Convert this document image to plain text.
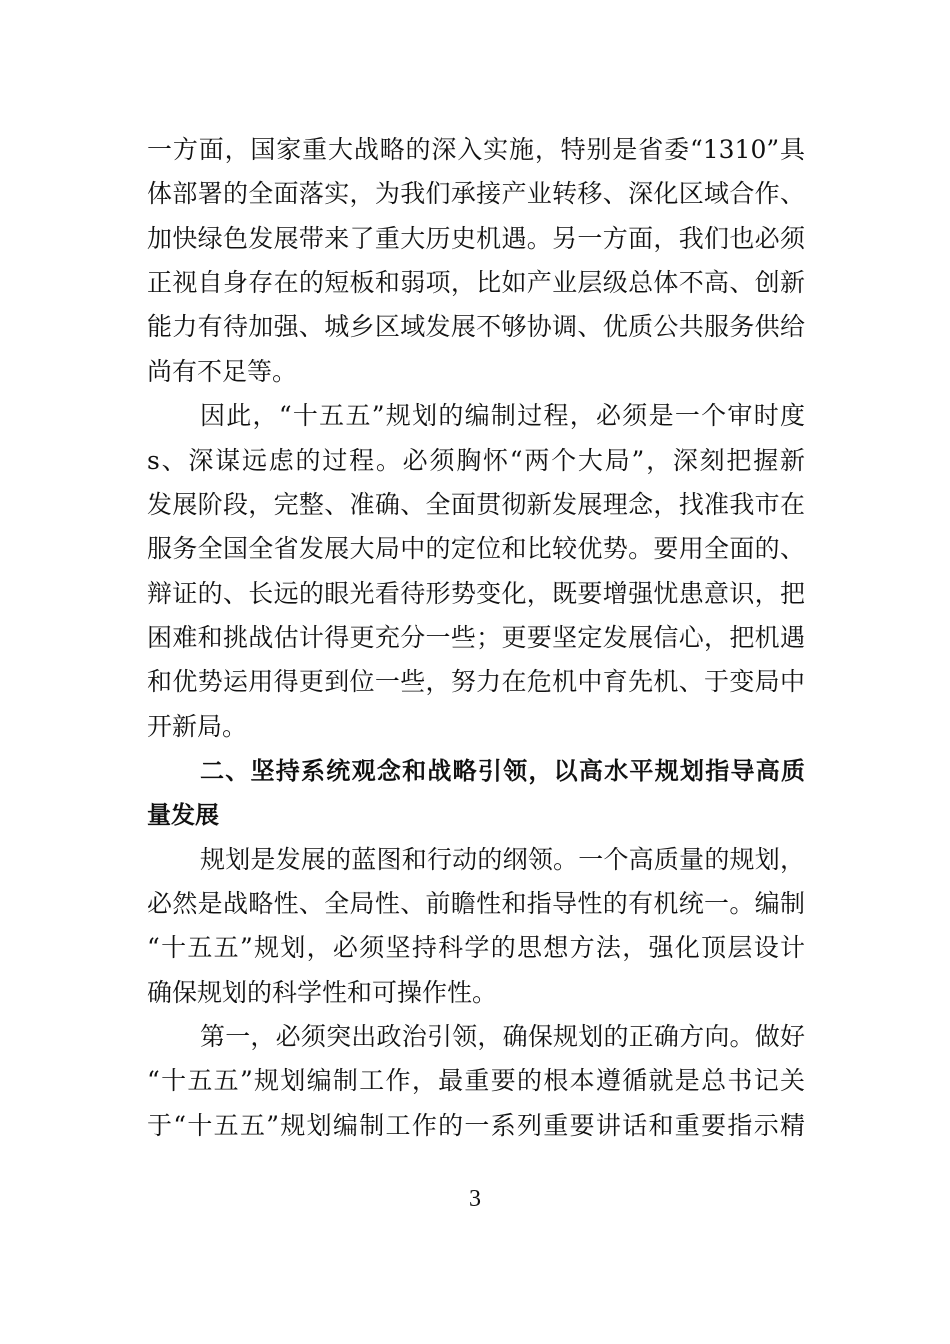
一方面，国家重大战略的深入实施，特别是省委“1310”具
体部署的全面落实，为我们承接产业转移、深化区域合作、
加快绿色发展带来了重大历史机遇。另一方面，我们也必须
正视自身存在的短板和弱项，比如产业层级总体不高、创新
能力有待加强、城乡区域发展不够协调、优质公共服务供给
尚有不足等。
因此，“十五五”规划的编制过程，必须是一个审时度
s、深谋远虑的过程。必须胸怀“两个大局”，深刻把握新
发展阶段，完整、准确、全面贯彻新发展理念，找准我市在
服务全国全省发展大局中的定位和比较优势。要用全面的、
辩证的、长远的眼光看待形势变化，既要增强忧患意识，把
困难和挑战估计得更充分一些；更要坚定发展信心，把机遇
和优势运用得更到位一些，努力在危机中育先机、于变局中
开新局。
二、坚持系统观念和战略引领，以高水平规划指导高质
量发展
规划是发展的蓝图和行动的纲领。一个高质量的规划，
必然是战略性、全局性、前瞻性和指导性的有机统一。编制
“十五五”规划，必须坚持科学的思想方法，强化顶层设计
确保规划的科学性和可操作性。
第一，必须突出政治引领，确保规划的正确方向。做好
“十五五”规划编制工作，最重要的根本遵循就是总书记关
于“十五五”规划编制工作的一系列重要讲话和重要指示精
3
